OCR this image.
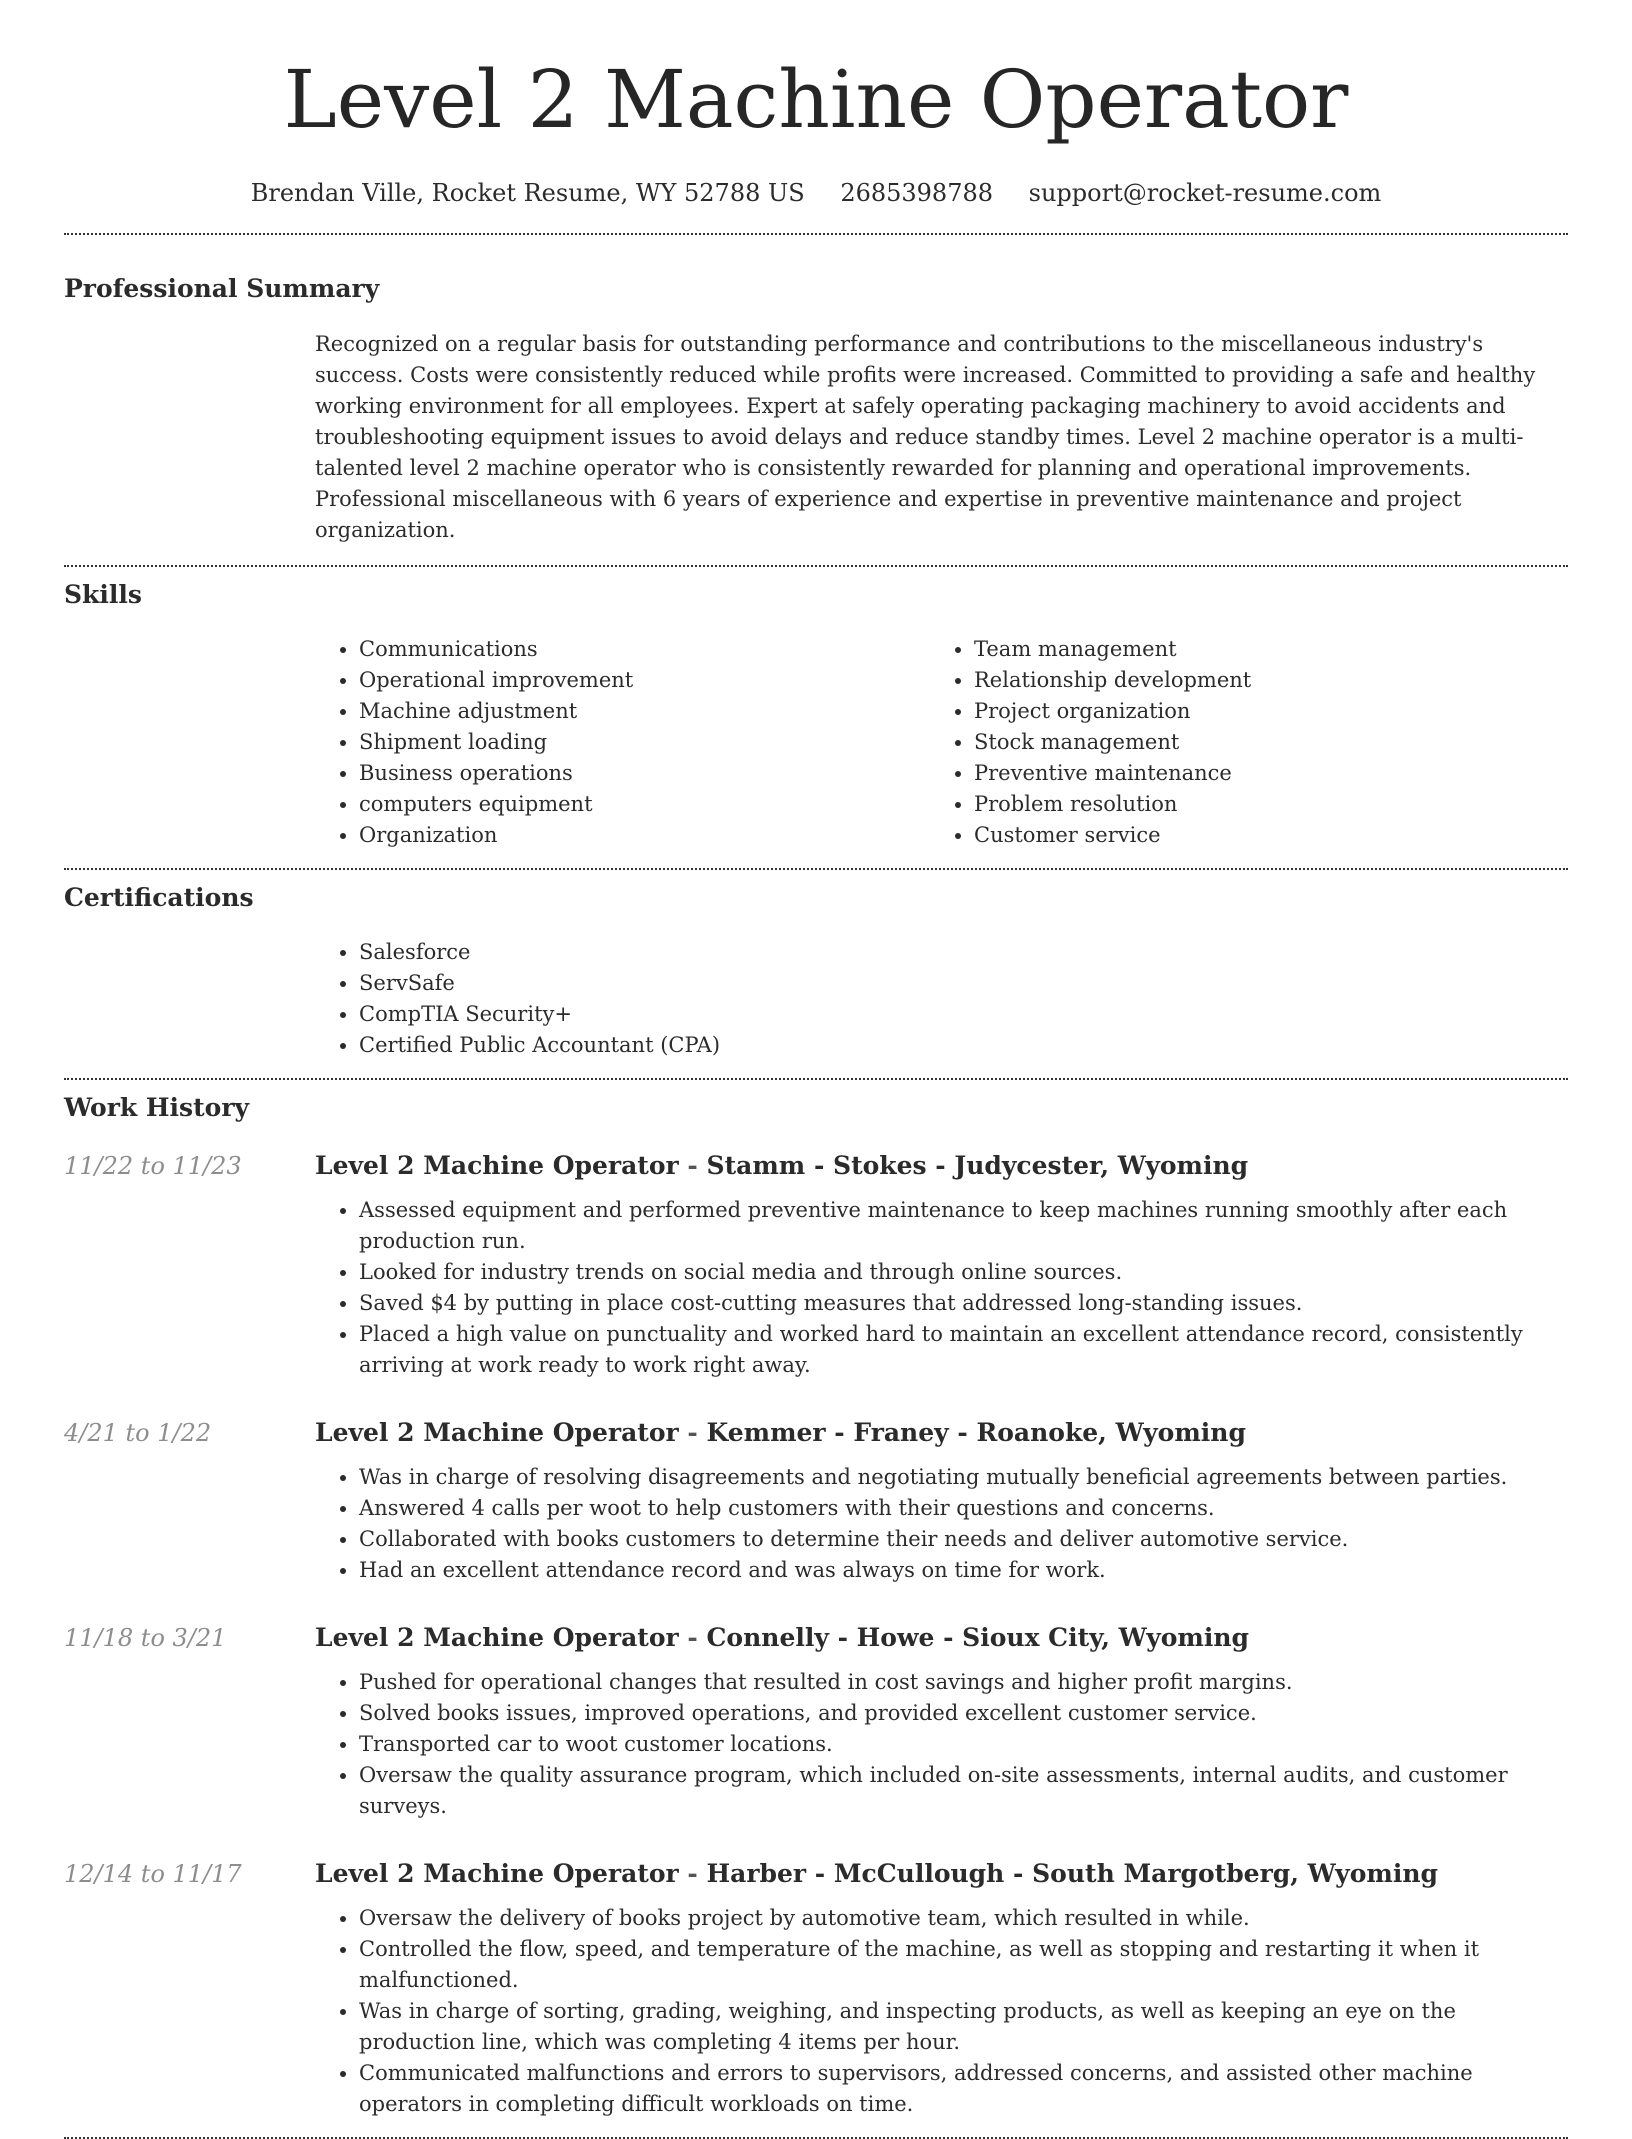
Level 2 Machine Operator
Brendan Ville, Rocket Resume, WY 52788 US 2685398788 support@rocket-resume.com
Professional Summary

Recognized on a regular basis for outstanding performance and contributions to the miscellaneous industry's success. Costs were consistently reduced while profits were increased. Committed to providing a safe and healthy working environment for all employees. Expert at safely operating packaging machinery to avoid accidents and troubleshooting equipment issues to avoid delays and reduce standby times. Level 2 machine operator is a multi-talented level 2 machine operator who is consistently rewarded for planning and operational improvements. Professional miscellaneous with 6 years of experience and expertise in preventive maintenance and project organization.

Skills
• Communications
• Operational improvement
• Machine adjustment
• Shipment loading
• Business operations
• computers equipment
• Organization
• Team management
• Relationship development
• Project organization
• Stock management
• Preventive maintenance
• Problem resolution
• Customer service
Certifications
• Salesforce
• ServSafe
• CompTIA Security+
• Certified Public Accountant (CPA)
Work History
11/22 to 11/23	Level 2 Machine Operator - Stamm - Stokes - Judycester, Wyoming
• Assessed equipment and performed preventive maintenance to keep machines running smoothly after each production run.
• Looked for industry trends on social media and through online sources.
• Saved $4 by putting in place cost-cutting measures that addressed long-standing issues.
• Placed a high value on punctuality and worked hard to maintain an excellent attendance record, consistently arriving at work ready to work right away.
4/21 to 1/22	Level 2 Machine Operator - Kemmer - Franey - Roanoke, Wyoming
• Was in charge of resolving disagreements and negotiating mutually beneficial agreements between parties.
• Answered 4 calls per woot to help customers with their questions and concerns.
• Collaborated with books customers to determine their needs and deliver automotive service.
• Had an excellent attendance record and was always on time for work.
11/18 to 3/21	Level 2 Machine Operator - Connelly - Howe - Sioux City, Wyoming
• Pushed for operational changes that resulted in cost savings and higher profit margins.
• Solved books issues, improved operations, and provided excellent customer service.
• Transported car to woot customer locations.
• Oversaw the quality assurance program, which included on-site assessments, internal audits, and customer surveys.
12/14 to 11/17	Level 2 Machine Operator - Harber - McCullough - South Margotberg, Wyoming
• Oversaw the delivery of books project by automotive team, which resulted in while.
• Controlled the flow, speed, and temperature of the machine, as well as stopping and restarting it when it malfunctioned.
• Was in charge of sorting, grading, weighing, and inspecting products, as well as keeping an eye on the production line, which was completing 4 items per hour.
• Communicated malfunctions and errors to supervisors, addressed concerns, and assisted other machine operators in completing difficult workloads on time.
